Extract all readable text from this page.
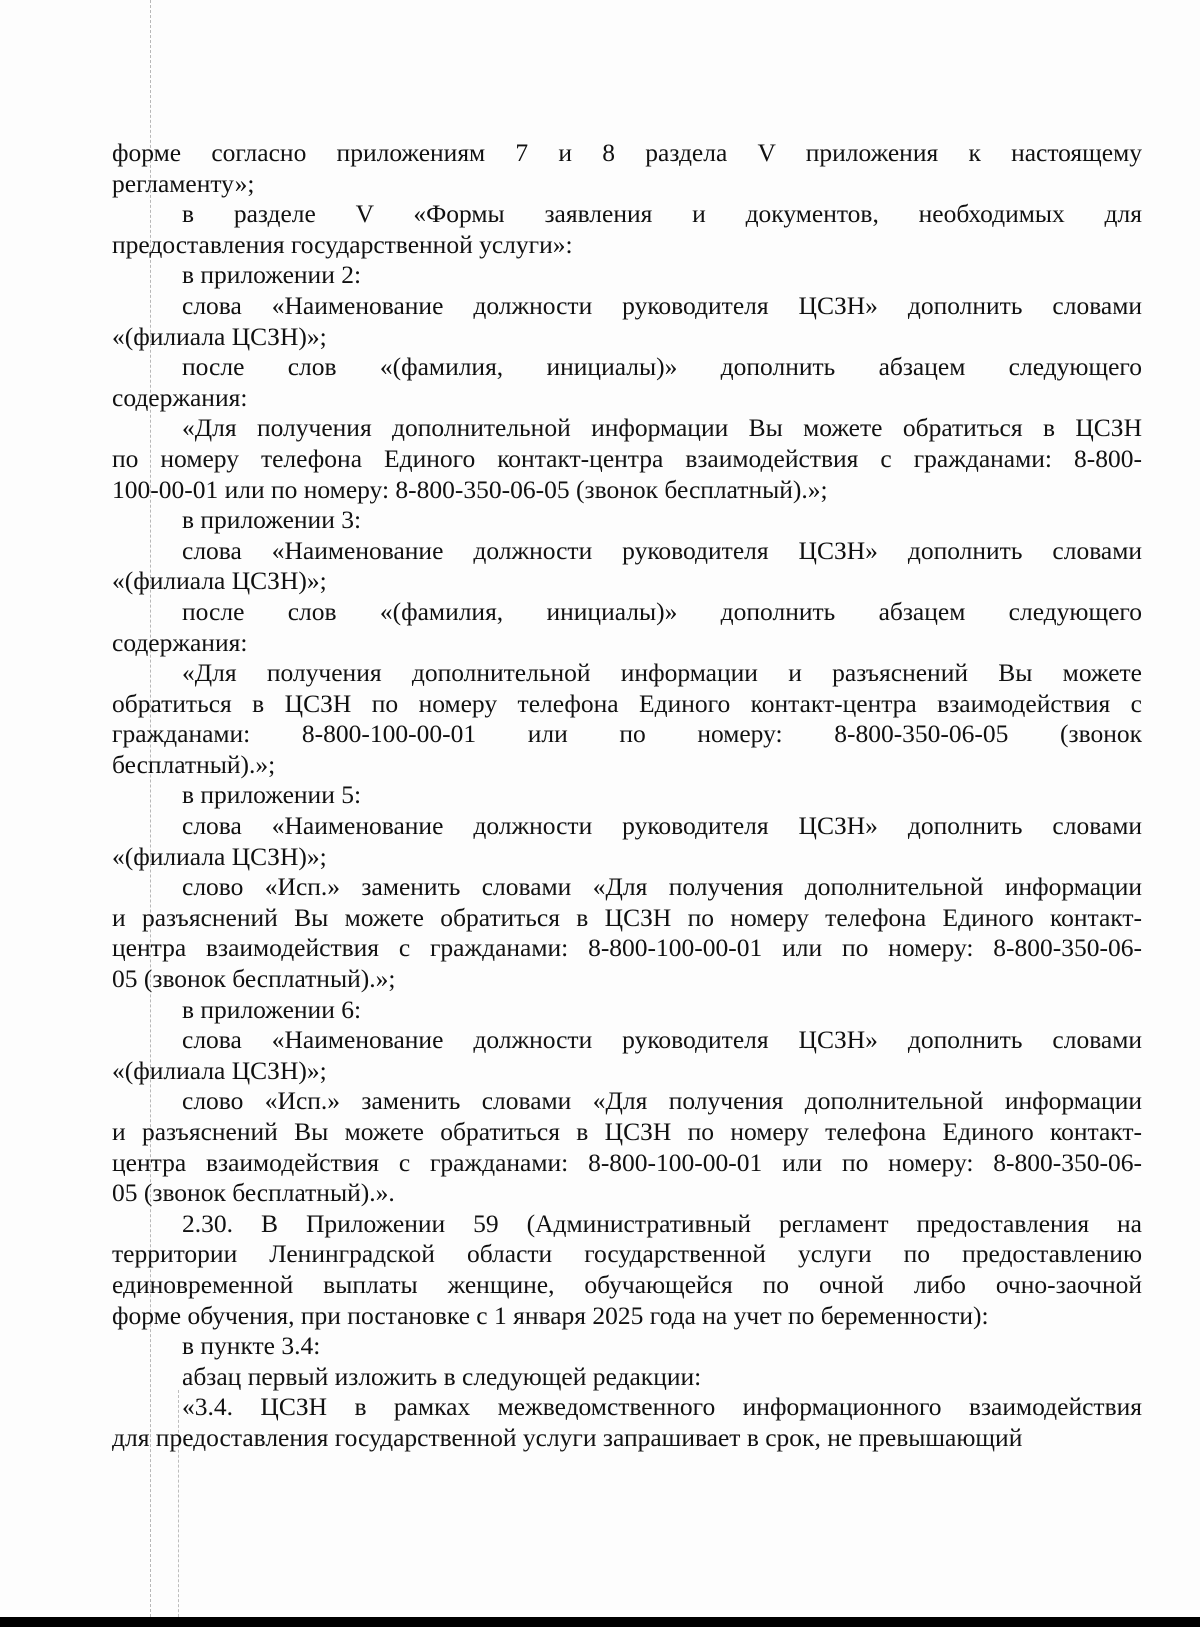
форме согласно приложениям 7 и 8 раздела V приложения к настоящему
регламенту»;
в разделе V «Формы заявления и документов, необходимых для
предоставления государственной услуги»:
в приложении 2:
слова «Наименование должности руководителя ЦСЗН» дополнить словами
«(филиала ЦСЗН)»;
после слов «(фамилия, инициалы)» дополнить абзацем следующего
содержания:
«Для получения дополнительной информации Вы можете обратиться в ЦСЗН
по номеру телефона Единого контакт-центра взаимодействия с гражданами: 8-800-
100-00-01 или по номеру: 8-800-350-06-05 (звонок бесплатный).»;
в приложении 3:
слова «Наименование должности руководителя ЦСЗН» дополнить словами
«(филиала ЦСЗН)»;
после слов «(фамилия, инициалы)» дополнить абзацем следующего
содержания:
«Для получения дополнительной информации и разъяснений Вы можете
обратиться в ЦСЗН по номеру телефона Единого контакт-центра взаимодействия с
гражданами: 8-800-100-00-01 или по номеру: 8-800-350-06-05 (звонок
бесплатный).»;
в приложении 5:
слова «Наименование должности руководителя ЦСЗН» дополнить словами
«(филиала ЦСЗН)»;
слово «Исп.» заменить словами «Для получения дополнительной информации
и разъяснений Вы можете обратиться в ЦСЗН по номеру телефона Единого контакт-
центра взаимодействия с гражданами: 8-800-100-00-01 или по номеру: 8-800-350-06-
05 (звонок бесплатный).»;
в приложении 6:
слова «Наименование должности руководителя ЦСЗН» дополнить словами
«(филиала ЦСЗН)»;
слово «Исп.» заменить словами «Для получения дополнительной информации
и разъяснений Вы можете обратиться в ЦСЗН по номеру телефона Единого контакт-
центра взаимодействия с гражданами: 8-800-100-00-01 или по номеру: 8-800-350-06-
05 (звонок бесплатный).».
2.30. В Приложении 59 (Административный регламент предоставления на
территории Ленинградской области государственной услуги по предоставлению
единовременной выплаты женщине, обучающейся по очной либо очно-заочной
форме обучения, при постановке с 1 января 2025 года на учет по беременности):
в пункте 3.4:
абзац первый изложить в следующей редакции:
«3.4. ЦСЗН в рамках межведомственного информационного взаимодействия
для предоставления государственной услуги запрашивает в срок, не превышающий
